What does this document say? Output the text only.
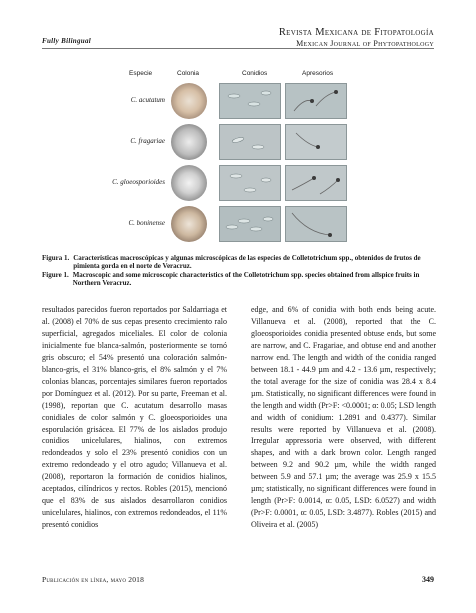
Fully Bilingual
Revista Mexicana de Fitopatología
Mexican Journal of Phytopathology
Especie	Colonia	Conidios	Apresorios
C. acutatum
C. fragariae
C. gloeosporioides
C. boninense
Figura 1. Características macroscópicas y algunas microscópicas de las especies de Colletotrichum spp., obtenidos de frutos de pimienta gorda en el norte de Veracruz.
Figure 1. Macroscopic and some microscopic characteristics of the Colletotrichum spp. species obtained from allspice fruits in Northern Veracruz.

resultados parecidos fueron reportados por Saldarriaga et al. (2008) el 70% de sus cepas presento crecimiento ralo superficial, agregados miceliales. El color de colonia inicialmente fue blanca-salmón, posteriormente se tornó gris obscuro; el 54% presentó una coloración salmón-blanco-gris, el 31% blanco-gris, el 8% salmón y el 7% colonias blancas, porcentajes similares fueron reportados por Domínguez et al. (2012). Por su parte, Freeman et al. (1998), reportan que C. acutatum desarrollo masas conidiales de color salmón y C. gloeosporioides una esporulación grisácea. El 77% de los aislados produjo conidios unicelulares, hialinos, con extremos redondeados y solo el 23% presentó conidios con un extremo redondeado y el otro agudo; Villanueva et al. (2008), reportaron la formación de conidios hialinos, aceptados, cilíndricos y rectos. Robles (2015), mencionó que el 83% de sus aislados desarrollaron conidios unicelulares, hialinos, con extremos redondeados, el 11% presentó conidios

edge, and 6% of conidia with both ends being acute. Villanueva et al. (2008), reported that the C. gloeosporioides conidia presented obtuse ends, but some are narrow, and C. Fragariae, and obtuse end and another narrow end. The length and width of the conidia ranged between 18.1 - 44.9 µm and 4.2 - 13.6 µm, respectively; the total average for the size of conidia was 28.4 x 8.4 µm. Statistically, no significant differences were found in the length and width (Pr>F: <0.0001; α: 0.05; LSD length and width of conidium: 1.2891 and 0.4377). Similar results were reported by Villanueva et al. (2008). Irregular appressoria were observed, with different shapes, and with a dark brown color. Length ranged between 9.2 and 90.2 µm, while the width ranged between 5.9 and 57.1 µm; the average was 25.9 x 15.5 µm; statistically, no significant differences were found in length (Pr>F: 0.0014, α: 0.05, LSD: 6.0527) and width (Pr>F: 0.0001, α: 0.05, LSD: 3.4877). Robles (2015) and Oliveira et al. (2005)

Publicación en línea, mayo 2018	349
